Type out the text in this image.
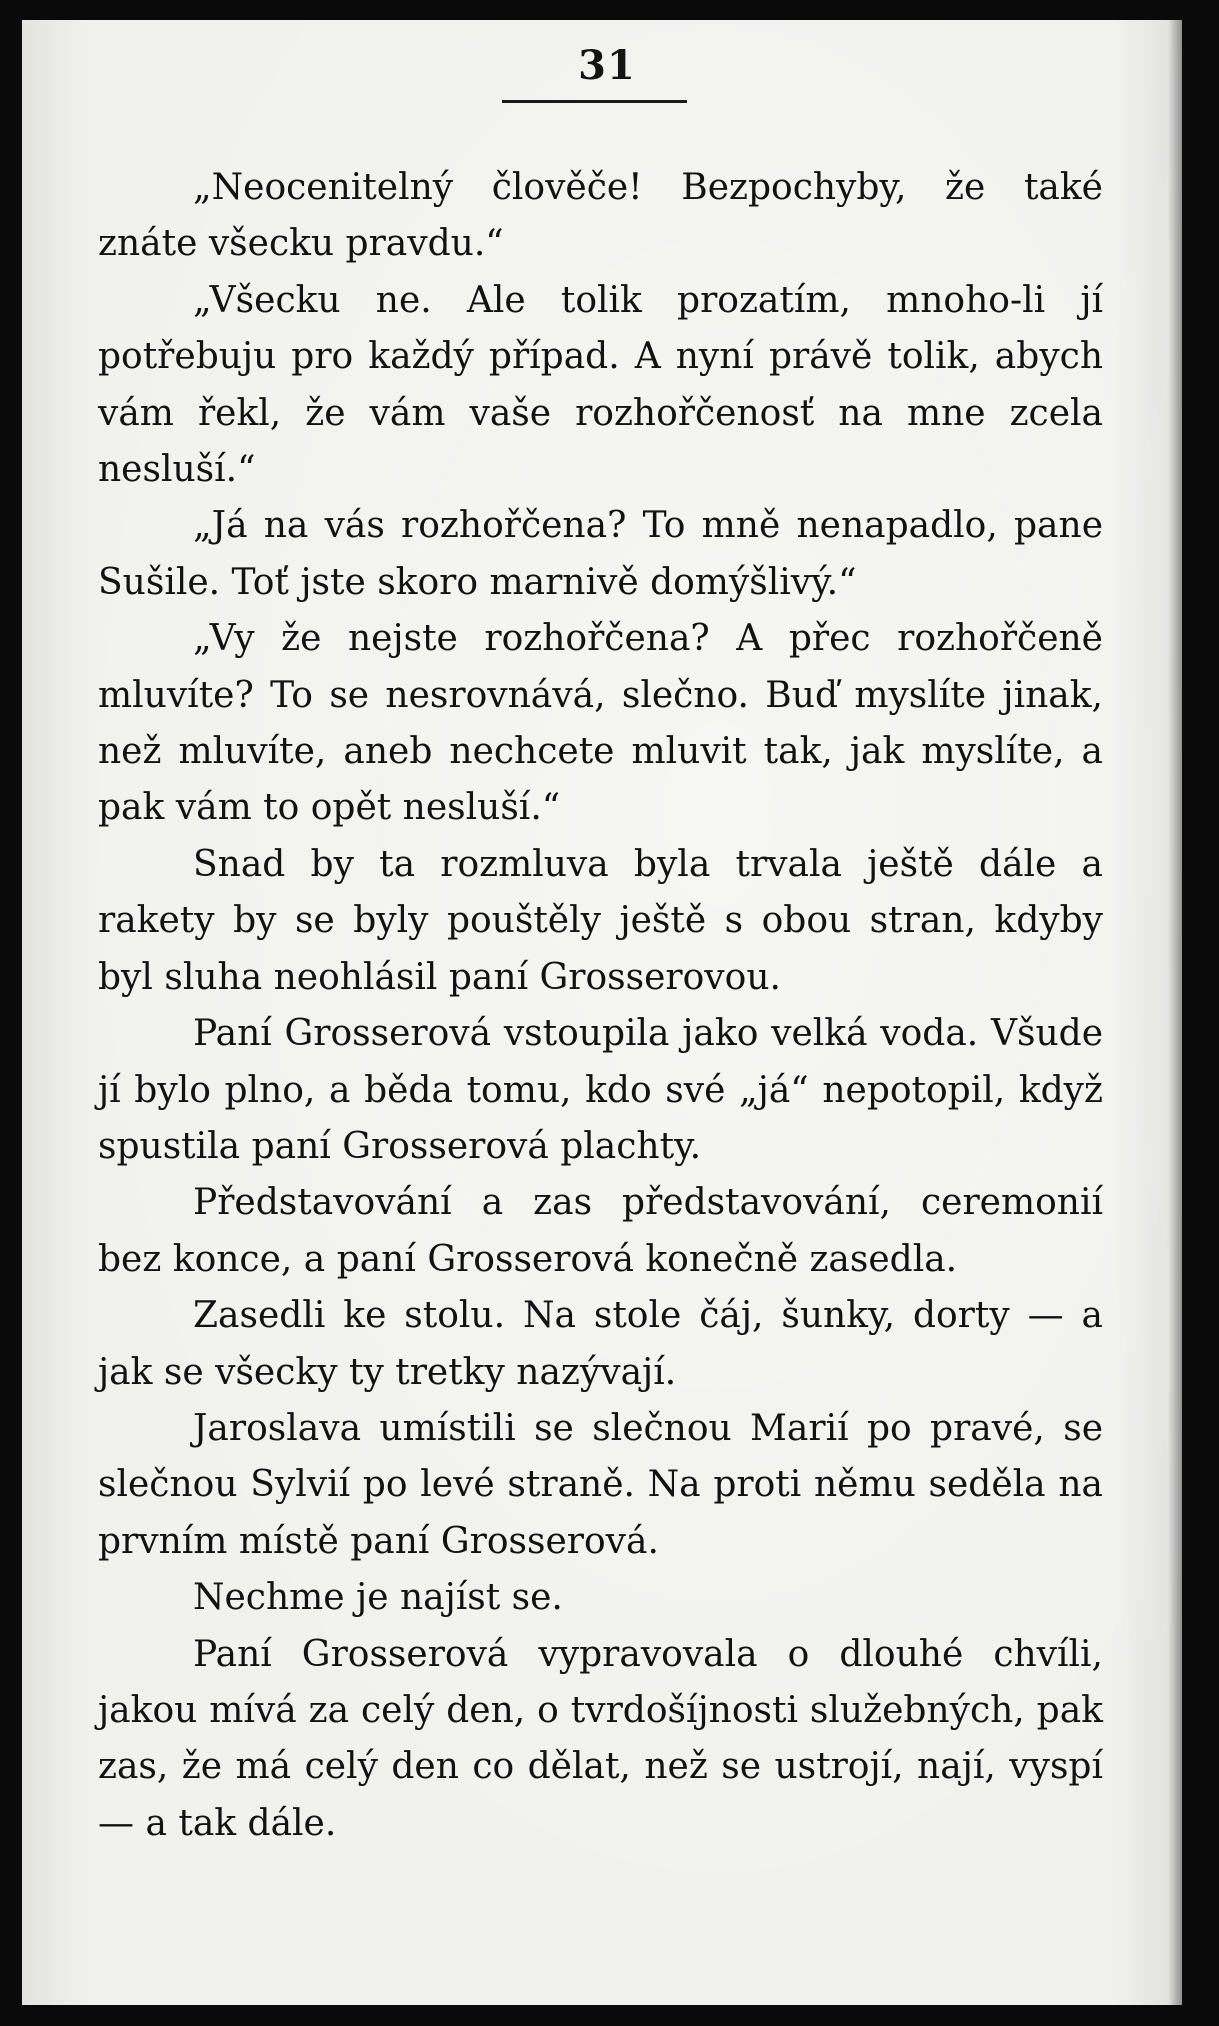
31

„Neocenitelný člověče! Bezpochyby, že také znáte všecku pravdu.“

„Všecku ne. Ale tolik prozatím, mnoho-li jí potřebuju pro každý případ. A nyní právě tolik, abych vám řekl, že vám vaše rozhořčenosť na mne zcela nesluší.“

„Já na vás rozhořčena? To mně nenapadlo, pane Sušile. Toť jste skoro marnivě domýšlivý.“

„Vy že nejste rozhořčena? A přec rozhořčeně mluvíte? To se nesrovnává, slečno. Buď myslíte jinak, než mluvíte, aneb nechcete mluvit tak, jak myslíte, a pak vám to opět nesluší.“

Snad by ta rozmluva byla trvala ještě dále a rakety by se byly pouštěly ještě s obou stran, kdyby byl sluha neohlásil paní Grosserovou.

Paní Grosserová vstoupila jako velká voda. Všude jí bylo plno, a běda tomu, kdo své „já“ nepotopil, když spustila paní Grosserová plachty.

Představování a zas představování, ceremonií bez konce, a paní Grosserová konečně zasedla.

Zasedli ke stolu. Na stole čáj, šunky, dorty — a jak se všecky ty tretky nazývají.

Jaroslava umístili se slečnou Marií po pravé, se slečnou Sylvií po levé straně. Na proti němu seděla na prvním místě paní Grosserová.

Nechme je najíst se.

Paní Grosserová vypravovala o dlouhé chvíli, jakou mívá za celý den, o tvrdošíjnosti služebných, pak zas, že má celý den co dělat, než se ustrojí, nají, vyspí — a tak dále.
